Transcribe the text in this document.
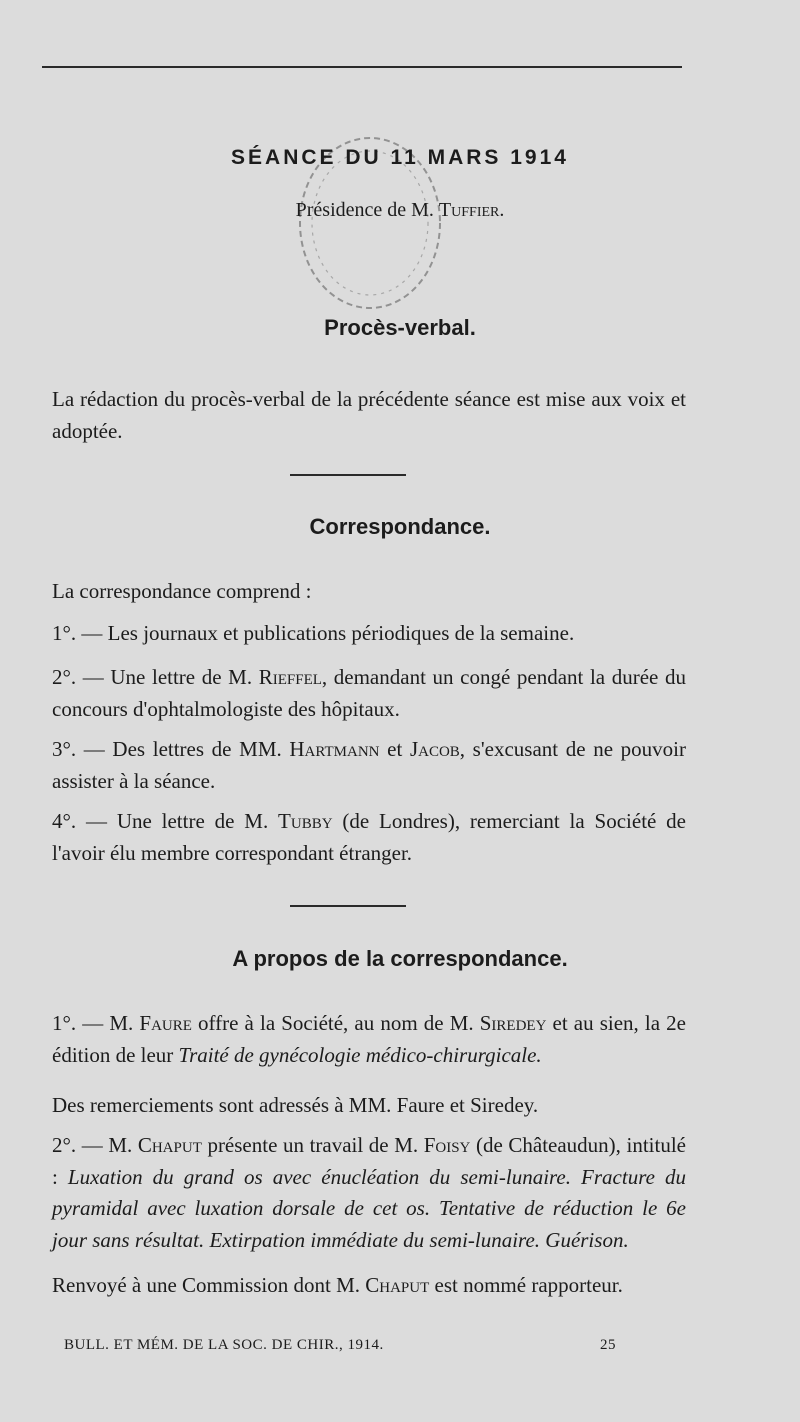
SÉANCE DU 11 MARS 1914
Présidence de M. Tuffier.
Procès-verbal.
La rédaction du procès-verbal de la précédente séance est mise aux voix et adoptée.
Correspondance.
La correspondance comprend :
1°. — Les journaux et publications périodiques de la semaine.
2°. — Une lettre de M. Rieffel, demandant un congé pendant la durée du concours d'ophtalmologiste des hôpitaux.
3°. — Des lettres de MM. Hartmann et Jacob, s'excusant de ne pouvoir assister à la séance.
4°. — Une lettre de M. Tubby (de Londres), remerciant la Société de l'avoir élu membre correspondant étranger.
A propos de la correspondance.
1°. — M. Faure offre à la Société, au nom de M. Siredey et au sien, la 2e édition de leur Traité de gynécologie médico-chirurgicale.
Des remerciements sont adressés à MM. Faure et Siredey.
2°. — M. Chaput présente un travail de M. Foisy (de Châteaudun), intitulé : Luxation du grand os avec énucléation du semi-lunaire. Fracture du pyramidal avec luxation dorsale de cet os. Tentative de réduction le 6e jour sans résultat. Extirpation immédiate du semi-lunaire. Guérison.
Renvoyé à une Commission dont M. Chaput est nommé rapporteur.
BULL. ET MÉM. DE LA SOC. DE CHIR., 1914.	25
